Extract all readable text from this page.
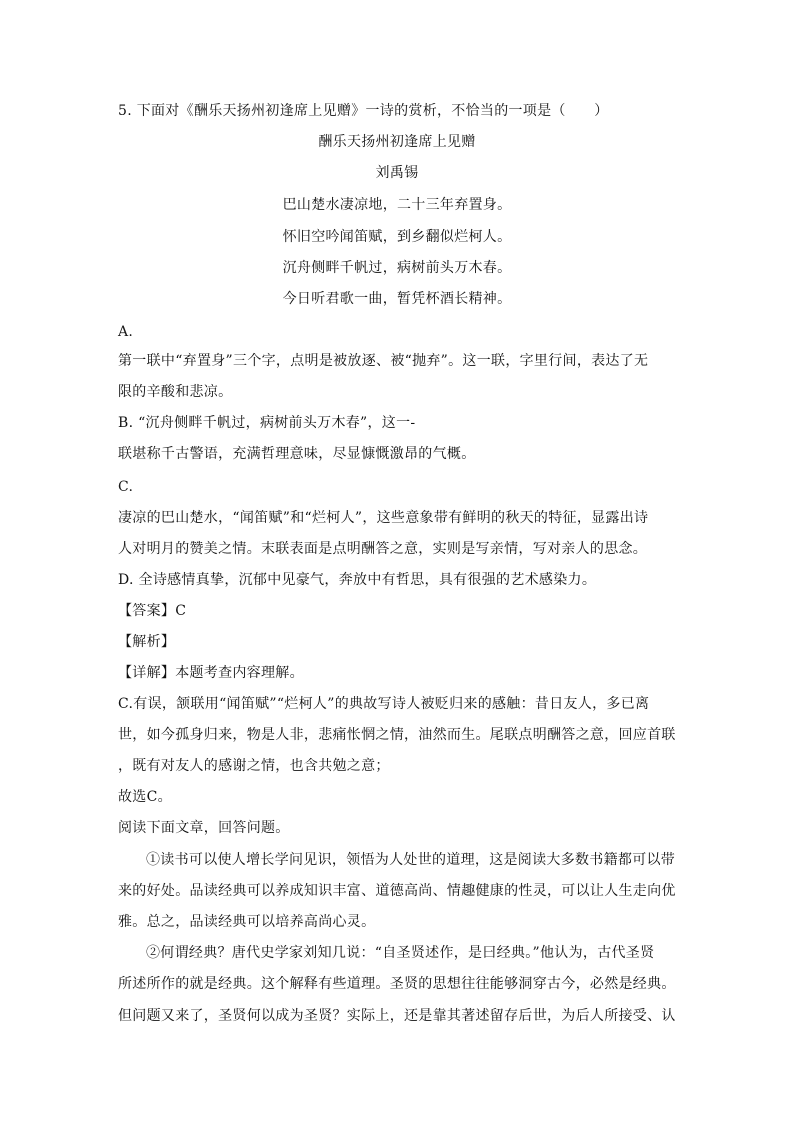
5. 下面对《酬乐天扬州初逢席上见赠》一诗的赏析，不恰当的一项是（　　）
酬乐天扬州初逢席上见赠
刘禹锡
巴山楚水凄凉地，二十三年弃置身。
怀旧空吟闻笛赋，到乡翻似烂柯人。
沉舟侧畔千帆过，病树前头万木春。
今日听君歌一曲，暂凭杯酒长精神。
A.
第一联中“弃置身”三个字，点明是被放逐、被“抛弃”。这一联，字里行间，表达了无
限的辛酸和悲凉。
B. “沉舟侧畔千帆过，病树前头万木春”，这一-
联堪称千古警语，充满哲理意味，尽显慷慨激昂的气概。
C.
凄凉的巴山楚水，“闻笛赋”和“烂柯人”，这些意象带有鲜明的秋天的特征，显露出诗
人对明月的赞美之情。末联表面是点明酬答之意，实则是写亲情，写对亲人的思念。
D. 全诗感情真挚，沉郁中见豪气，奔放中有哲思，具有很强的艺术感染力。
【答案】C
【解析】
【详解】本题考查内容理解。
C.有误，颔联用“闻笛赋”“烂柯人”的典故写诗人被贬归来的感触：昔日友人，多已离
世，如今孤身归来，物是人非，悲痛怅惘之情，油然而生。尾联点明酬答之意，回应首联
，既有对友人的感谢之情，也含共勉之意；
故选C。
阅读下面文章，回答问题。
①读书可以使人增长学问见识，领悟为人处世的道理，这是阅读大多数书籍都可以带
来的好处。品读经典可以养成知识丰富、道德高尚、情趣健康的性灵，可以让人生走向优
雅。总之，品读经典可以培养高尚心灵。
②何谓经典？唐代史学家刘知几说：“自圣贤述作，是曰经典。”他认为，古代圣贤
所述所作的就是经典。这个解释有些道理。圣贤的思想往往能够洞穿古今，必然是经典。
但问题又来了，圣贤何以成为圣贤？实际上，还是靠其著述留存后世，为后人所接受、认
